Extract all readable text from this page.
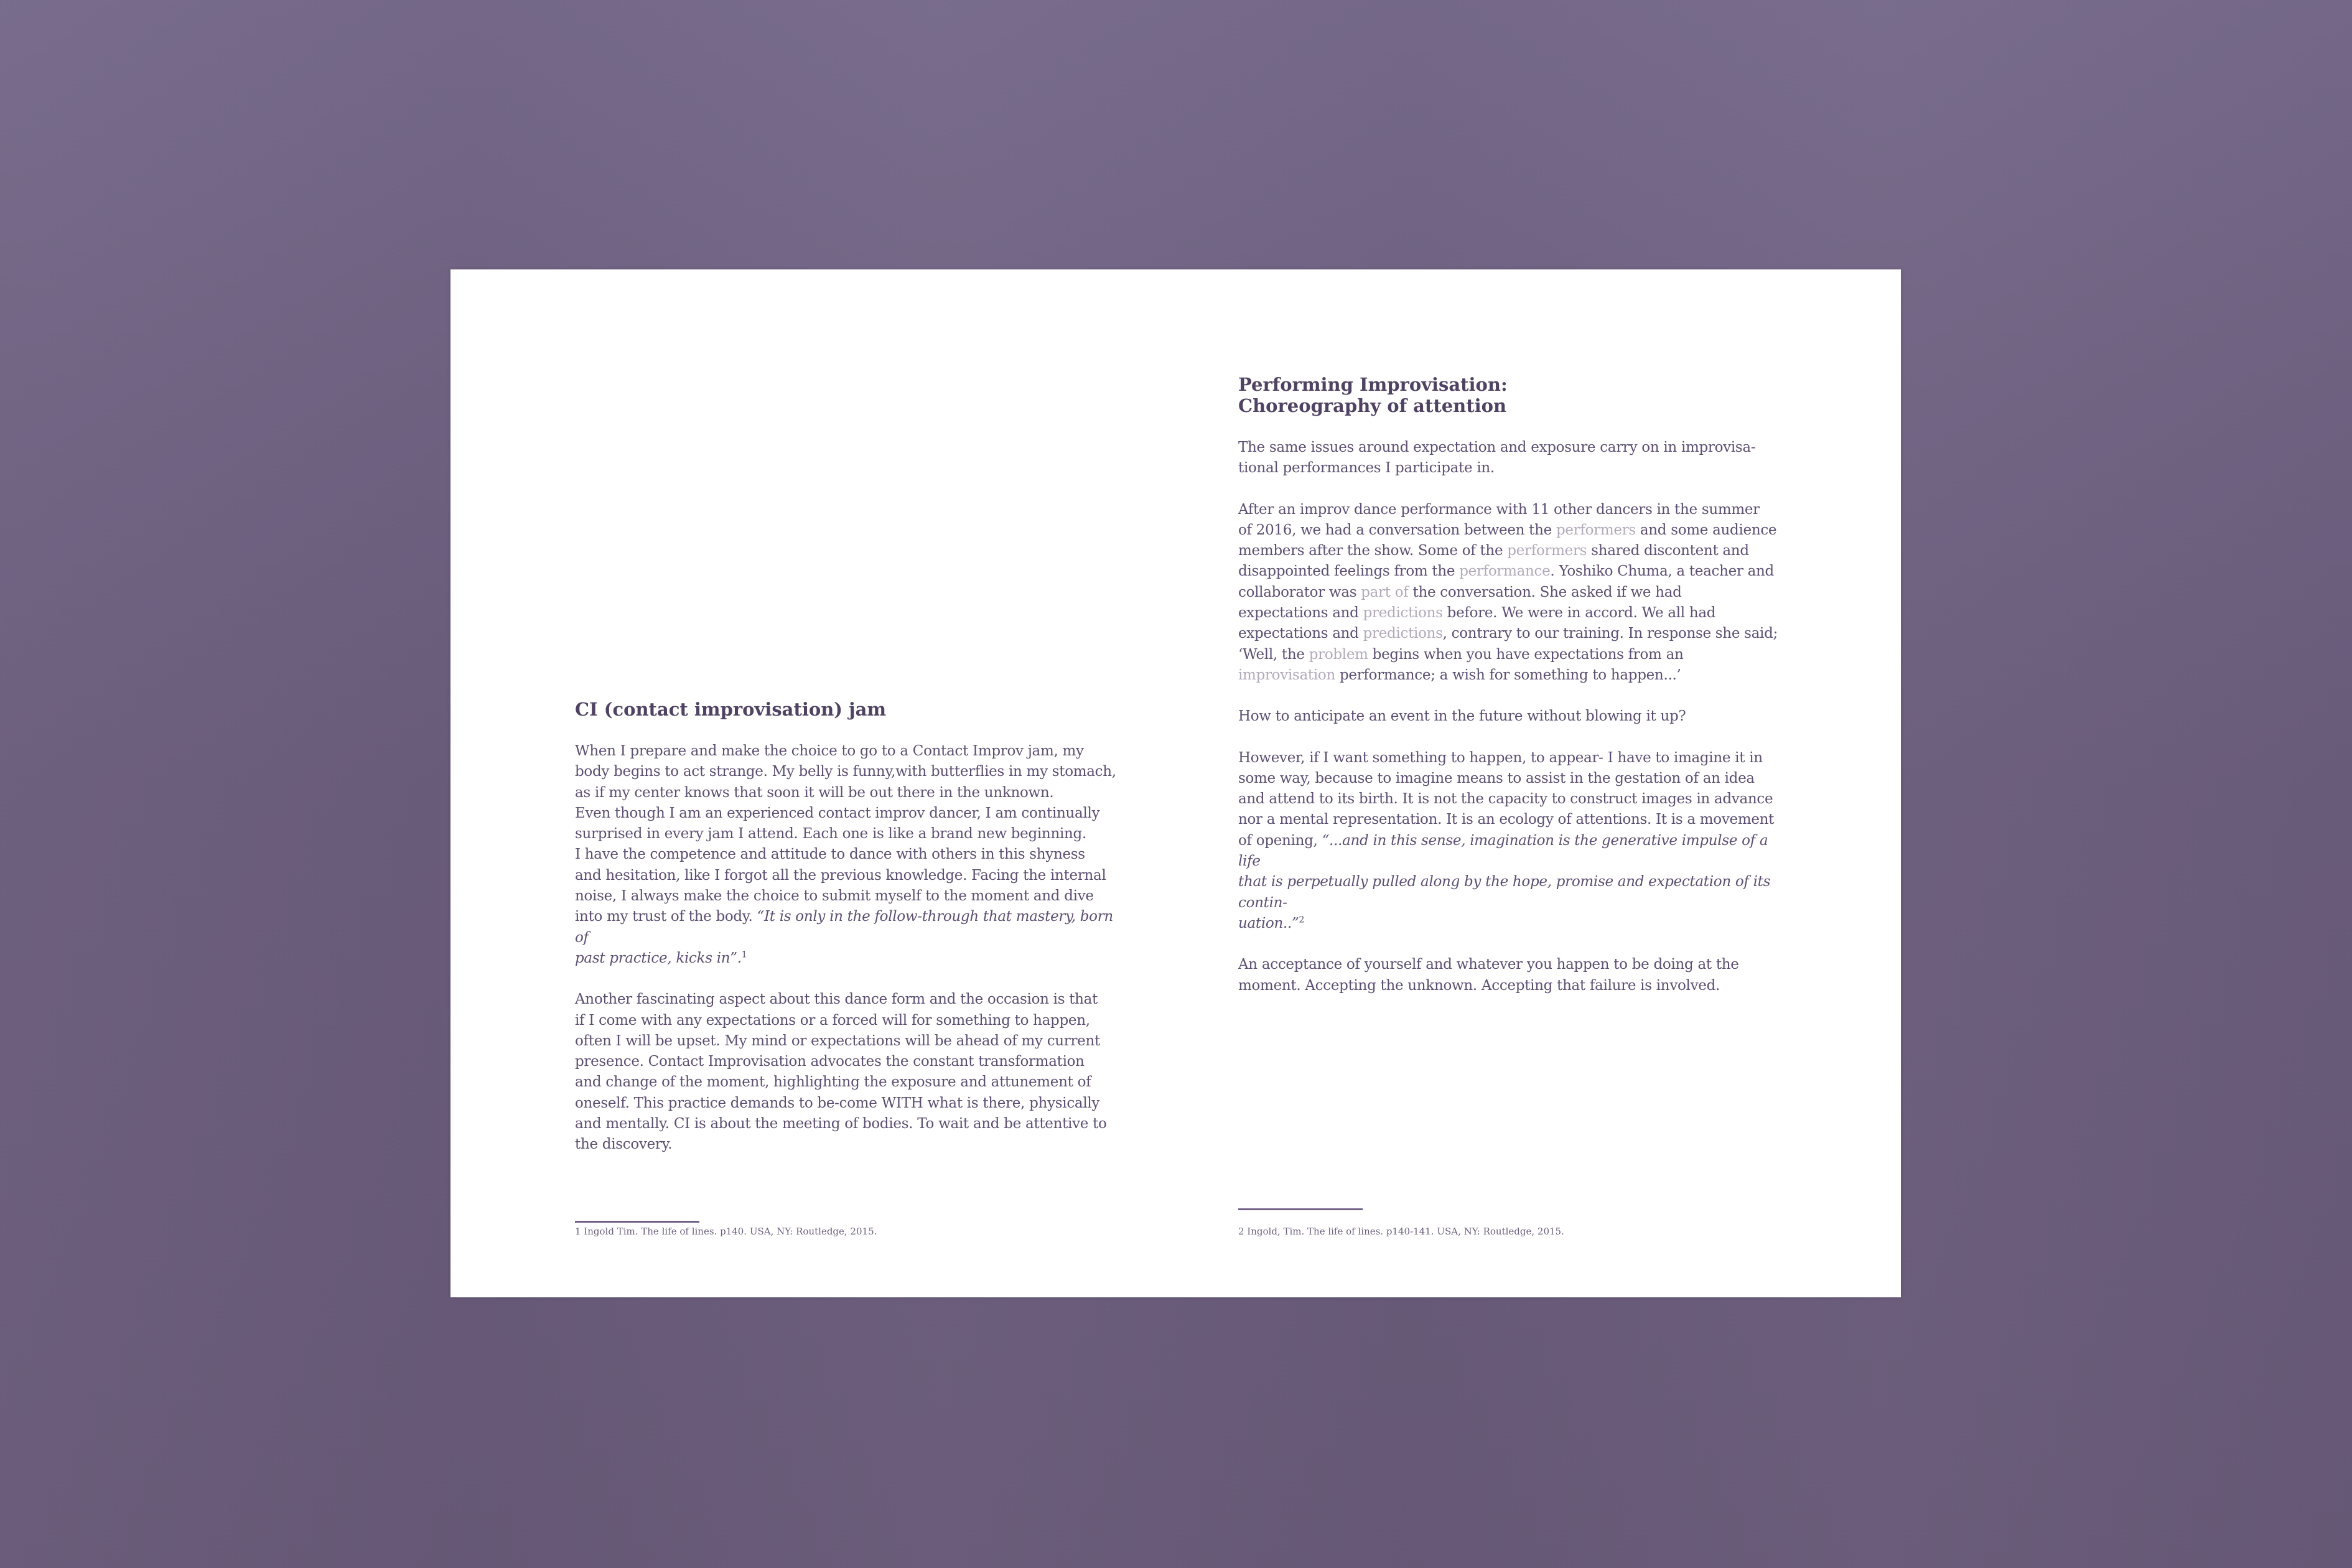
CI (contact improvisation) jam

When I prepare and make the choice to go to a Contact Improv jam, my
body begins to act strange. My belly is funny,with butterflies in my stomach,
as if my center knows that soon it will be out there in the unknown.
Even though I am an experienced contact improv dancer, I am continually
surprised in every jam I attend. Each one is like a brand new beginning.
I have the competence and attitude to dance with others in this shyness
and hesitation, like I forgot all the previous knowledge. Facing the internal
noise, I always make the choice to submit myself to the moment and dive
into my trust of the body. “It is only in the follow-through that mastery, born of
past practice, kicks in”.$^1$

Another fascinating aspect about this dance form and the occasion is that
if I come with any expectations or a forced will for something to happen,
often I will be upset. My mind or expectations will be ahead of my current
presence. Contact Improvisation advocates the constant transformation
and change of the moment, highlighting the exposure and attunement of
oneself. This practice demands to be-come WITH what is there, physically
and mentally. CI is about the meeting of bodies. To wait and be attentive to
the discovery.

1 Ingold Tim. The life of lines. p140. USA, NY: Routledge, 2015.
Performing Improvisation:
Choreography of attention

The same issues around expectation and exposure carry on in improvisa-
tional performances I participate in.

After an improv dance performance with 11 other dancers in the summer
of 2016, we had a conversation between the performers and some audience
members after the show. Some of the performers shared discontent and
disappointed feelings from the performance. Yoshiko Chuma, a teacher and
collaborator was part of the conversation. She asked if we had
expectations and predictions before. We were in accord. We all had
expectations and predictions, contrary to our training. In response she said;
‘Well, the problem begins when you have expectations from an
improvisation performance; a wish for something to happen...’

How to anticipate an event in the future without blowing it up?

However, if I want something to happen, to appear- I have to imagine it in
some way, because to imagine means to assist in the gestation of an idea
and attend to its birth. It is not the capacity to construct images in advance
nor a mental representation. It is an ecology of attentions. It is a movement
of opening, “...and in this sense, imagination is the generative impulse of a life
that is perpetually pulled along by the hope, promise and expectation of its contin-
uation..”$^2$

An acceptance of yourself and whatever you happen to be doing at the
moment. Accepting the unknown. Accepting that failure is involved.

2 Ingold, Tim. The life of lines. p140-141. USA, NY: Routledge, 2015.
